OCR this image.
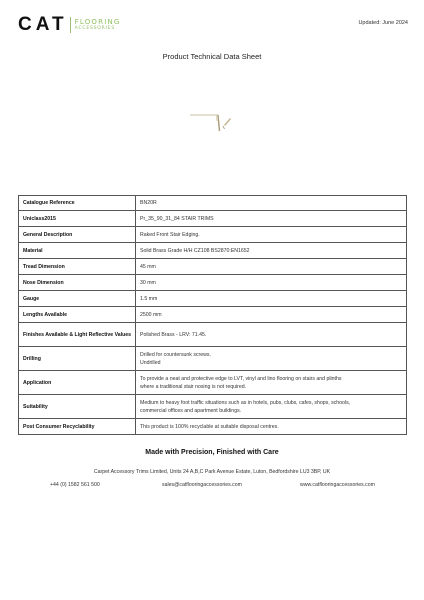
CAT FLOORING
ACCESSORIES
Updated: June 2024
Product Technical Data Sheet
Catalogue Reference	BN20R

Uniclass2015	Pr_35_90_31_84 STAIR TRIMS

General Description	Raked Front Stair Edging.

Material	Solid Brass Grade H/H CZ108 BS2870:EN1652

Tread Dimension	45 mm

Nose Dimension	30 mm

Gauge	1.5 mm

Lengths Available	2500 mm

Finishes Available & Light Reflective Values	Polished Brass - LRV: 71.45.

Drilling	Drilled for countersunk screws.
Undrilled

Application	To provide a neat and protective edge to LVT, vinyl and lino flooring on stairs and plinths
where a traditional stair nosing is not required.

Suitability	Medium to heavy foot traffic situations such as in hotels, pubs, clubs, cafes, shops, schools,
commercial offices and apartment buildings.

Post Consumer Recyclability	This product is 100% recyclable at suitable disposal centres.
Made with Precision, Finished with Care
Carpet Accessory Trims Limited, Units 24 A,B,C Park Avenue Estate, Luton, Bedfordshire LU3 3BP, UK
+44 (0) 1582 561 500	sales@catflooringaccessories.com	www.catflooringaccessories.com
